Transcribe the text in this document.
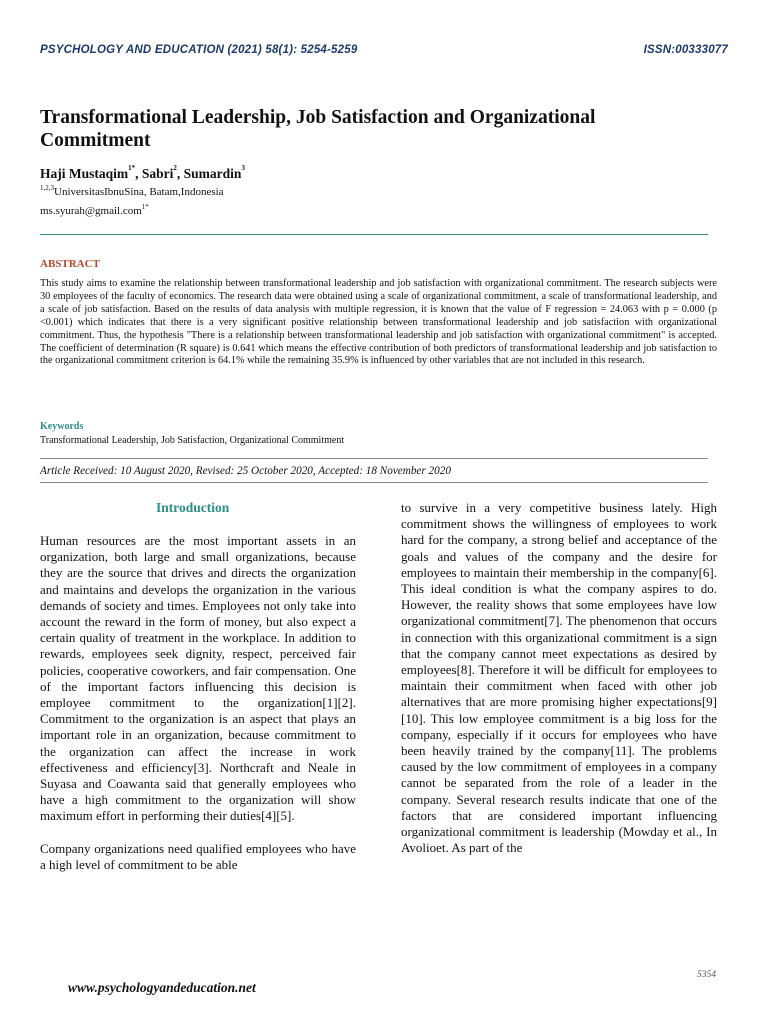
PSYCHOLOGY AND EDUCATION (2021) 58(1): 5254-5259	ISSN:00333077
Transformational Leadership, Job Satisfaction and Organizational Commitment
Haji Mustaqim$^{1*}$, Sabri$^2$, Sumardin$^3$
$^{1,2,3}$UniversitasIbnuSina, Batam,Indonesia
ms.syurah@gmail.com$^{1*}$
ABSTRACT
This study aims to examine the relationship between transformational leadership and job satisfaction with organizational commitment. The research subjects were 30 employees of the faculty of economics. The research data were obtained using a scale of organizational commitment, a scale of transformational leadership, and a scale of job satisfaction. Based on the results of data analysis with multiple regression, it is known that the value of F regression = 24.063 with p = 0.000 (p <0.001) which indicates that there is a very significant positive relationship between transformational leadership and job satisfaction with organizational commitment. Thus, the hypothesis "There is a relationship between transformational leadership and job satisfaction with organizational commitment" is accepted. The coefficient of determination (R square) is 0.641 which means the effective contribution of both predictors of transformational leadership and job satisfaction to the organizational commitment criterion is 64.1% while the remaining 35.9% is influenced by other variables that are not included in this research.
Keywords
Transformational Leadership, Job Satisfaction, Organizational Commitment
Article Received: 10 August 2020, Revised: 25 October 2020, Accepted: 18 November 2020
Introduction

Human resources are the most important assets in an organization, both large and small organizations, because they are the source that drives and directs the organization and maintains and develops the organization in the various demands of society and times. Employees not only take into account the reward in the form of money, but also expect a certain quality of treatment in the workplace. In addition to rewards, employees seek dignity, respect, perceived fair policies, cooperative coworkers, and fair compensation. One of the important factors influencing this decision is employee commitment to the organization[1][2]. Commitment to the organization is an aspect that plays an important role in an organization, because commitment to the organization can affect the increase in work effectiveness and efficiency[3]. Northcraft and Neale in Suyasa and Coawanta said that generally employees who have a high commitment to the organization will show maximum effort in performing their duties[4][5].

Company organizations need qualified employees who have a high level of commitment to be able

to survive in a very competitive business lately. High commitment shows the willingness of employees to work hard for the company, a strong belief and acceptance of the goals and values of the company and the desire for employees to maintain their membership in the company[6]. This ideal condition is what the company aspires to do. However, the reality shows that some employees have low organizational commitment[7]. The phenomenon that occurs in connection with this organizational commitment is a sign that the company cannot meet expectations as desired by employees[8]. Therefore it will be difficult for employees to maintain their commitment when faced with other job alternatives that are more promising higher expectations[9][10]. This low employee commitment is a big loss for the company, especially if it occurs for employees who have been heavily trained by the company[11]. The problems caused by the low commitment of employees in a company cannot be separated from the role of a leader in the company. Several research results indicate that one of the factors that are considered important influencing organizational commitment is leadership (Mowday et al., In Avolioet. As part of the

5354
www.psychologyandeducation.net
